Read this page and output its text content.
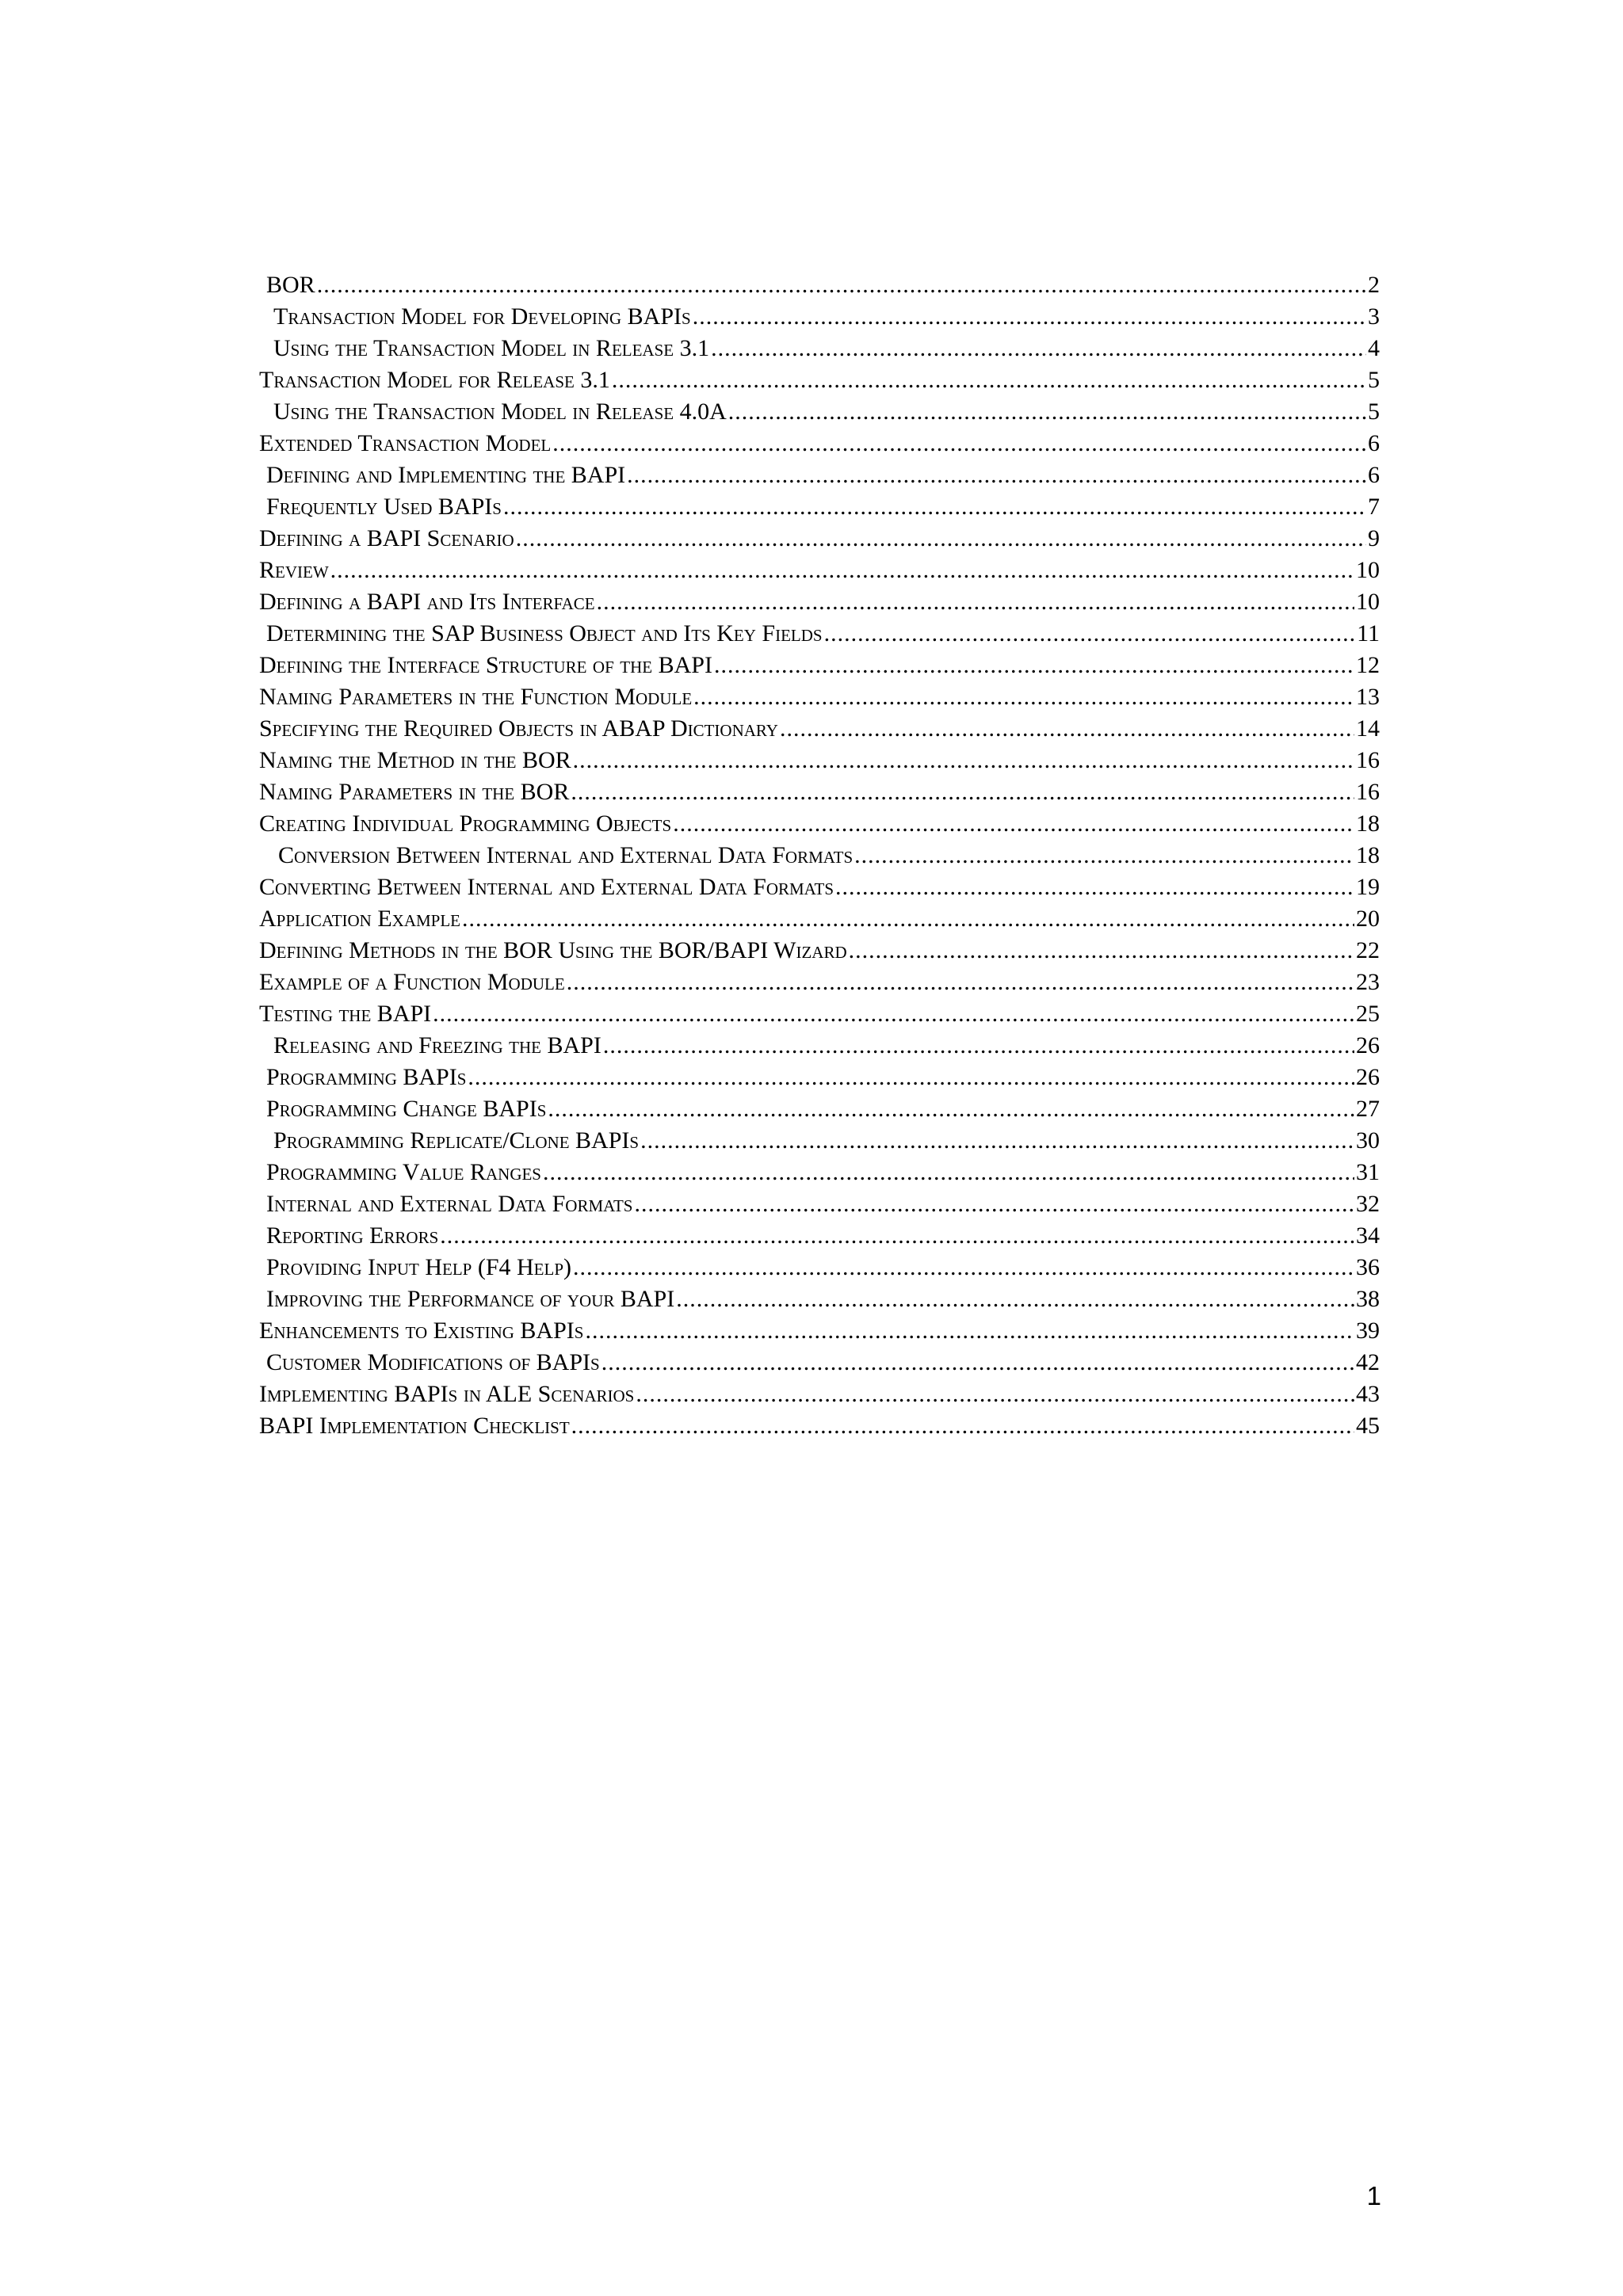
BOR .....	2
Transaction Model for Developing BAPIs .....	3
Using the Transaction Model in Release 3.1 .....	4
Transaction Model for Release 3.1 .....	5
Using the Transaction Model in Release 4.0A .....	5
Extended Transaction Model .....	6
Defining and Implementing the BAPI .....	6
Frequently Used BAPIs .....	7
Defining a BAPI Scenario .....	9
Review .....	10
Defining a BAPI and Its Interface .....	10
Determining the SAP Business Object and Its Key Fields .....	11
Defining the Interface Structure of the BAPI .....	12
Naming Parameters in the Function Module .....	13
Specifying the Required Objects in ABAP Dictionary .....	14
Naming the Method in the BOR .....	16
Naming Parameters in the BOR .....	16
Creating Individual Programming Objects .....	18
Conversion Between Internal and External Data Formats .....	18
Converting Between Internal and External Data Formats .....	19
Application Example .....	20
Defining Methods in the BOR Using the BOR/BAPI Wizard .....	22
Example of a Function Module .....	23
Testing the BAPI .....	25
Releasing and Freezing the BAPI .....	26
Programming BAPIs .....	26
Programming Change BAPIs .....	27
Programming Replicate/Clone BAPIs .....	30
Programming Value Ranges .....	31
Internal and External Data Formats .....	32
Reporting Errors .....	34
Providing Input Help (F4 Help) .....	36
Improving the Performance of your BAPI .....	38
Enhancements to Existing BAPIs .....	39
Customer Modifications of BAPIs .....	42
Implementing BAPIs in ALE Scenarios .....	43
BAPI Implementation Checklist .....	45
1
